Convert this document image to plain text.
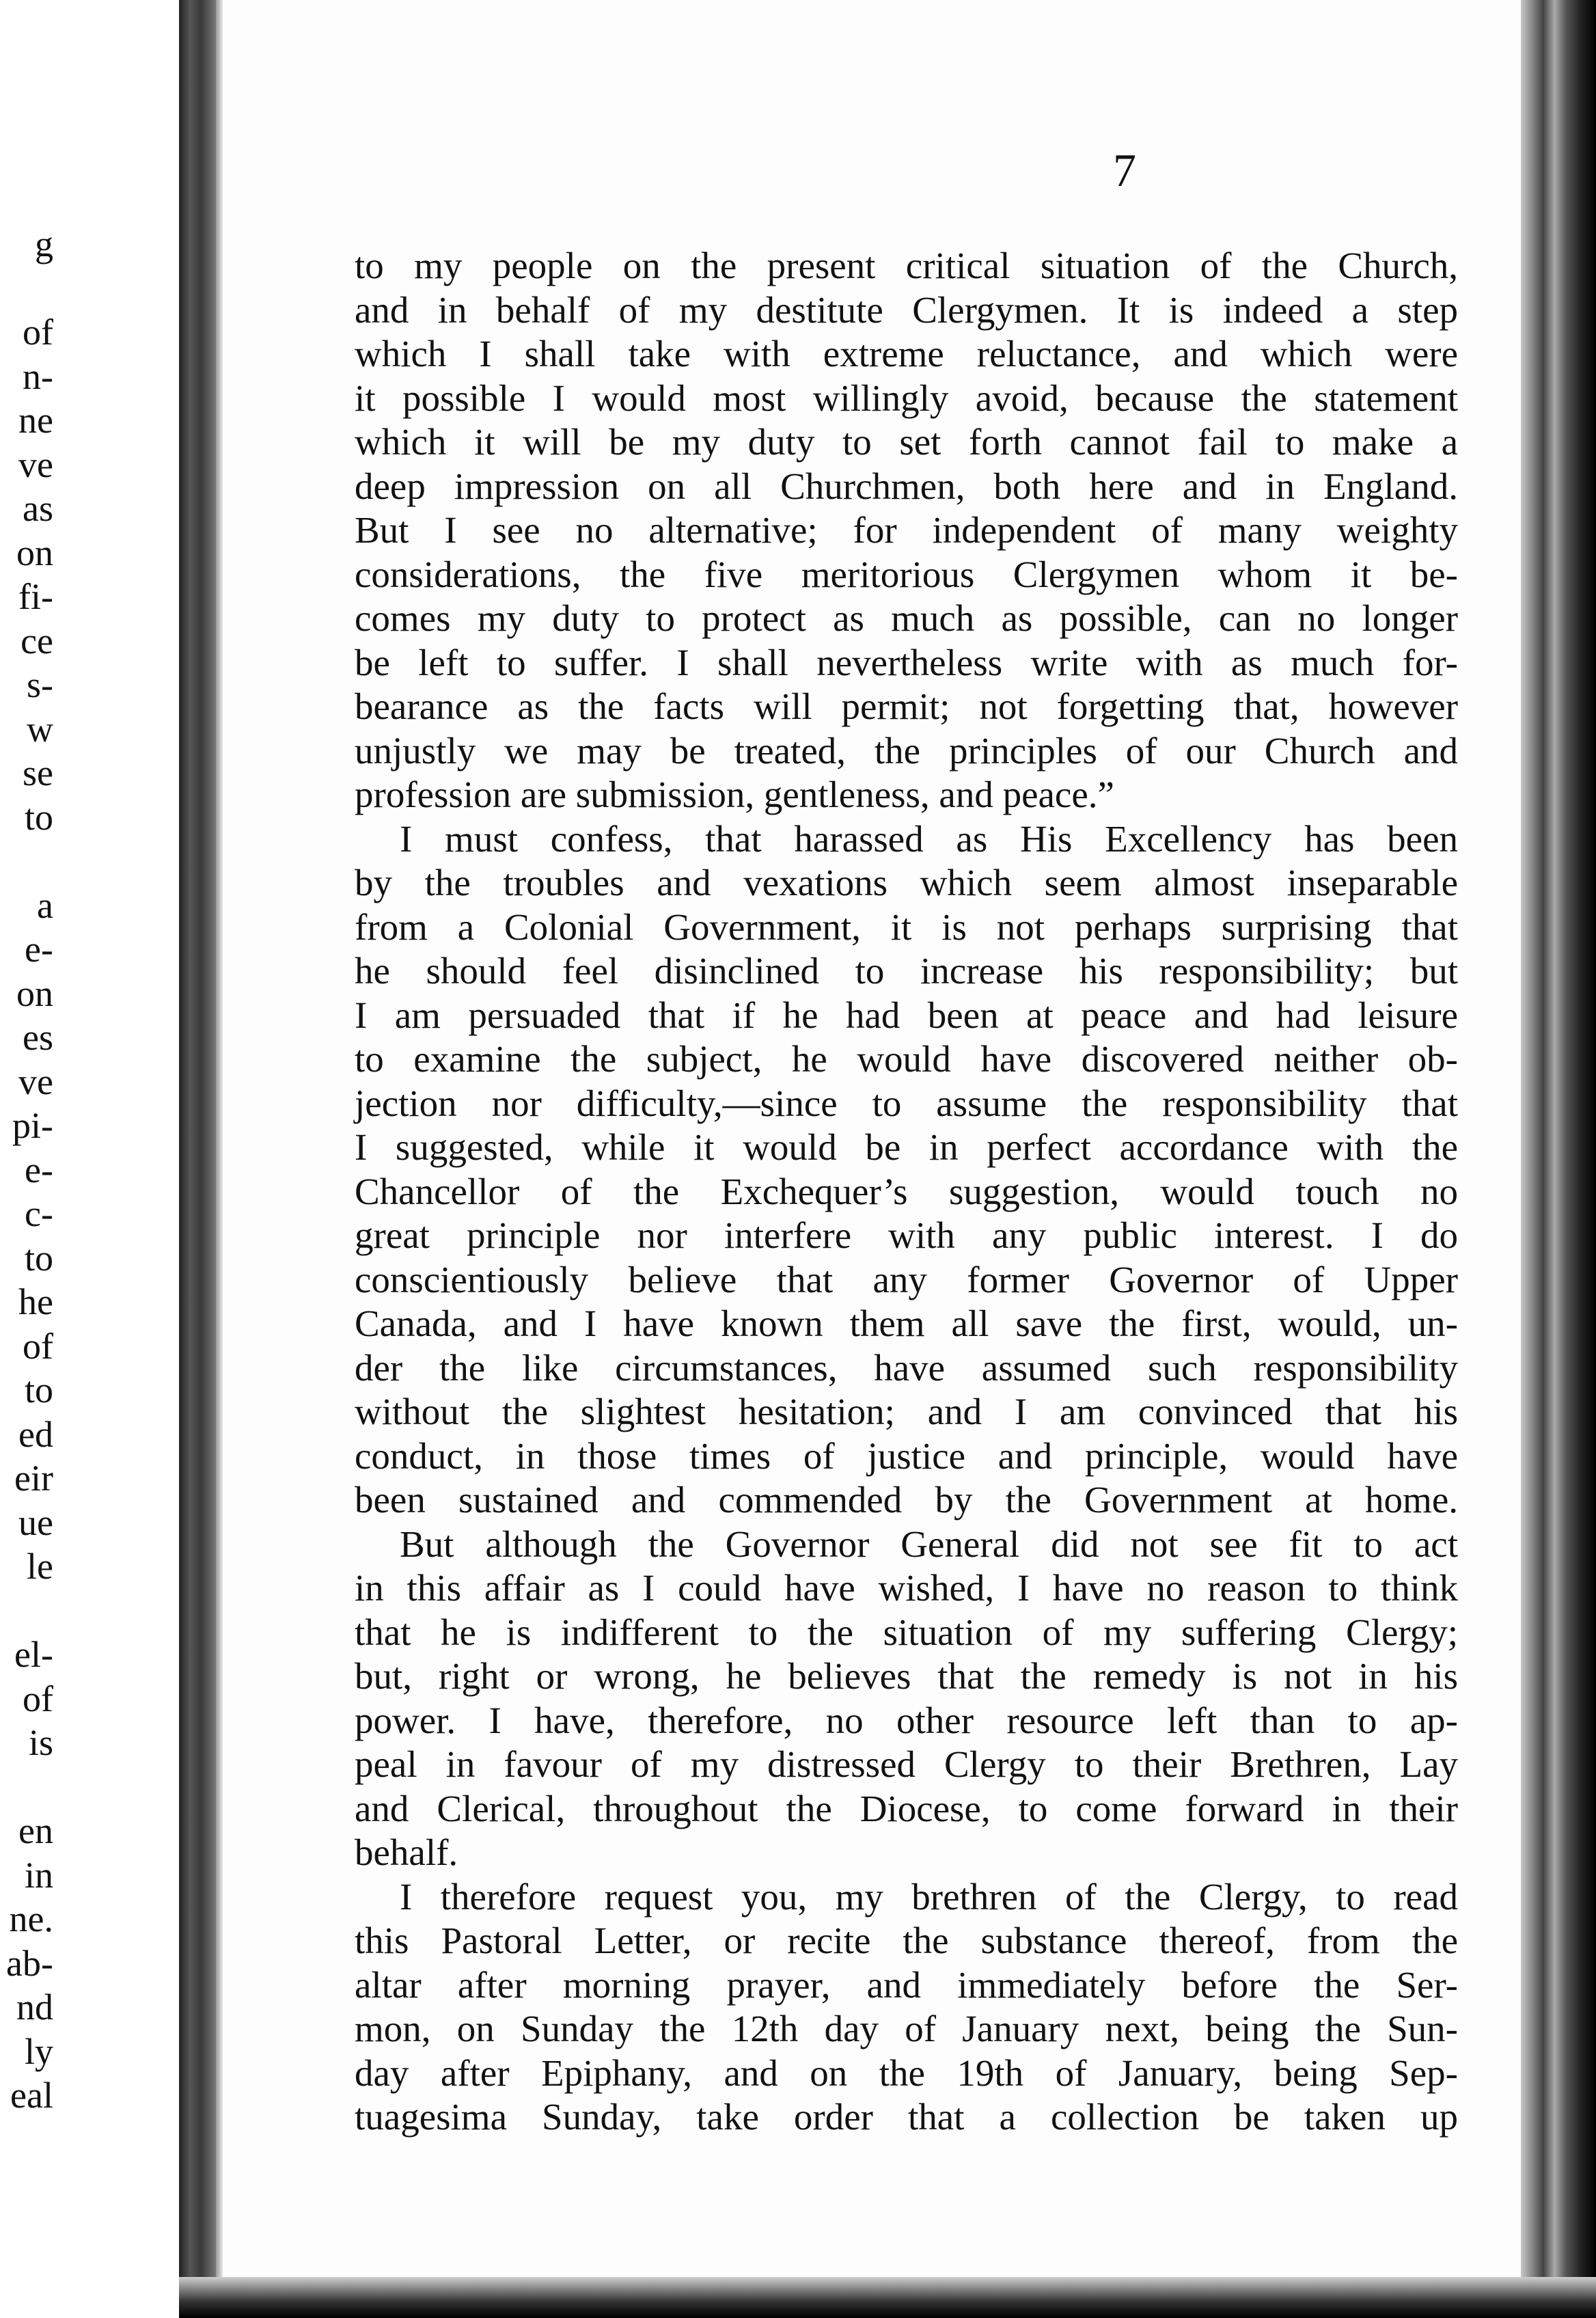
g
of
n-
ne
ve
as
on
fi-
ce
s-
w
se
to
a
e-
on
es
ve
pi-
e-
c-
to
he
of
to
ed
eir
ue
le
el-
of
is
en
in
ne.
ab-
nd
ly
eal
7
to my people on the present critical situation of the Church,
and in behalf of my destitute Clergymen. It is indeed a step
which I shall take with extreme reluctance, and which were
it possible I would most willingly avoid, because the statement
which it will be my duty to set forth cannot fail to make a
deep impression on all Churchmen, both here and in England.
But I see no alternative; for independent of many weighty
considerations, the five meritorious Clergymen whom it be-
comes my duty to protect as much as possible, can no longer
be left to suffer. I shall nevertheless write with as much for-
bearance as the facts will permit; not forgetting that, however
unjustly we may be treated, the principles of our Church and
profession are submission, gentleness, and peace.”
I must confess, that harassed as His Excellency has been
by the troubles and vexations which seem almost inseparable
from a Colonial Government, it is not perhaps surprising that
he should feel disinclined to increase his responsibility; but
I am persuaded that if he had been at peace and had leisure
to examine the subject, he would have discovered neither ob-
jection nor difficulty,—since to assume the responsibility that
I suggested, while it would be in perfect accordance with the
Chancellor of the Exchequer’s suggestion, would touch no
great principle nor interfere with any public interest. I do
conscientiously believe that any former Governor of Upper
Canada, and I have known them all save the first, would, un-
der the like circumstances, have assumed such responsibility
without the slightest hesitation; and I am convinced that his
conduct, in those times of justice and principle, would have
been sustained and commended by the Government at home.
But although the Governor General did not see fit to act
in this affair as I could have wished, I have no reason to think
that he is indifferent to the situation of my suffering Clergy;
but, right or wrong, he believes that the remedy is not in his
power. I have, therefore, no other resource left than to ap-
peal in favour of my distressed Clergy to their Brethren, Lay
and Clerical, throughout the Diocese, to come forward in their
behalf.
I therefore request you, my brethren of the Clergy, to read
this Pastoral Letter, or recite the substance thereof, from the
altar after morning prayer, and immediately before the Ser-
mon, on Sunday the 12th day of January next, being the Sun-
day after Epiphany, and on the 19th of January, being Sep-
tuagesima Sunday, take order that a collection be taken up
